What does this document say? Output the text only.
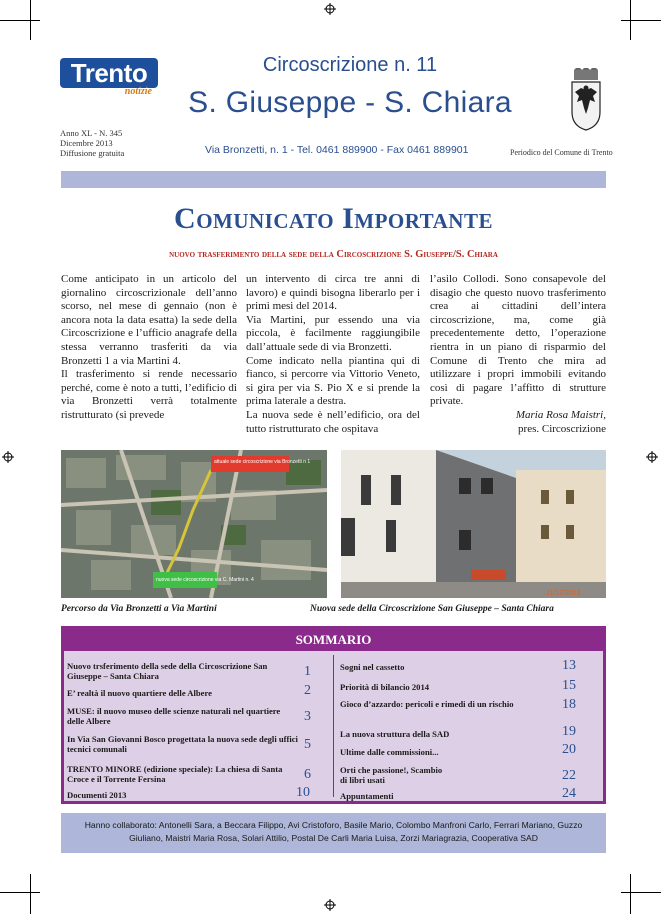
Trento
notizie
Anno XL - N. 345
Dicembre 2013
Diffusione gratuita
Circoscrizione n. 11
S. Giuseppe - S. Chiara
Via Bronzetti, n. 1 - Tel. 0461 889900 - Fax 0461 889901	Periodico del Comune di Trento
Comunicato Importante
nuovo trasferimento della sede della Circoscrizione S. Giuseppe/S. Chiara

Come anticipato in un articolo del giornalino circoscrizionale dell’anno scorso, nel mese di gennaio (non è ancora nota la data esatta) la sede della Circoscrizione e l’ufficio anagrafe della stessa verranno trasferiti da via Bronzetti 1 a via Martini 4.

Il trasferimento si rende necessario perché, come è noto a tutti, l’edificio di via Bronzetti verrà totalmente ristrutturato (si prevede

un intervento di circa tre anni di lavoro) e quindi bisogna liberarlo per i primi mesi del 2014.

Via Martini, pur essendo una via piccola, è facilmente raggiungibile dall’attuale sede di via Bronzetti.

Come indicato nella piantina qui di fianco, si percorre via Vittorio Veneto, si gira per via S. Pio X e si prende la prima laterale a destra.

La nuova sede è nell’edificio, ora del tutto ristrutturato che ospitava

l’asilo Collodi. Sono consapevole del disagio che questo nuovo trasferimento crea ai cittadini dell’intera circoscrizione, ma, come già precedentemente detto, l’operazione rientra in un piano di risparmio del Comune di Trento che mira ad utilizzare i propri immobili evitando così di pagare l’affitto di strutture private.

Maria Rosa Maistri,

pres. Circoscrizione

attuale sede circoscrizione via Bronzetti n 1
nuova sede circoscrizione via C. Martini n. 4
11/12/2013
Percorso da Via Bronzetti a Via Martini	Nuova sede della Circoscrizione San Giuseppe – Santa Chiara
SOMMARIO
Nuovo trsferimento della sede della Circoscrizione San Giuseppe – Santa Chiara	1
E’ realtà il nuovo quartiere delle Albere	2
MUSE: il nuovo museo delle scienze naturali nel quartiere delle Albere	3
In Via San Giovanni Bosco progettata la nuova sede degli uffici tecnici comunali	5
TRENTO MINORE (edizione speciale): La chiesa di Santa Croce e il Torrente Fersina	6
Documenti 2013	10
Sogni nel cassetto	13
Priorità di bilancio 2014	15
Gioco d’azzardo: pericoli e rimedi di un rischio	18
La nuova struttura della SAD	19
Ultime dalle commissioni...	20
Orti che passione!, Scambio di libri usati	22
Appuntamenti	24
Hanno collaborato: Antonelli Sara, a Beccara Filippo, Avi Cristoforo, Basile Mario, Colombo Manfroni Carlo, Ferrari Mariano, Guzzo Giuliano, Maistri Maria Rosa, Solari Attilio, Postal De Carli Maria Luisa, Zorzi Mariagrazia, Cooperativa SAD
